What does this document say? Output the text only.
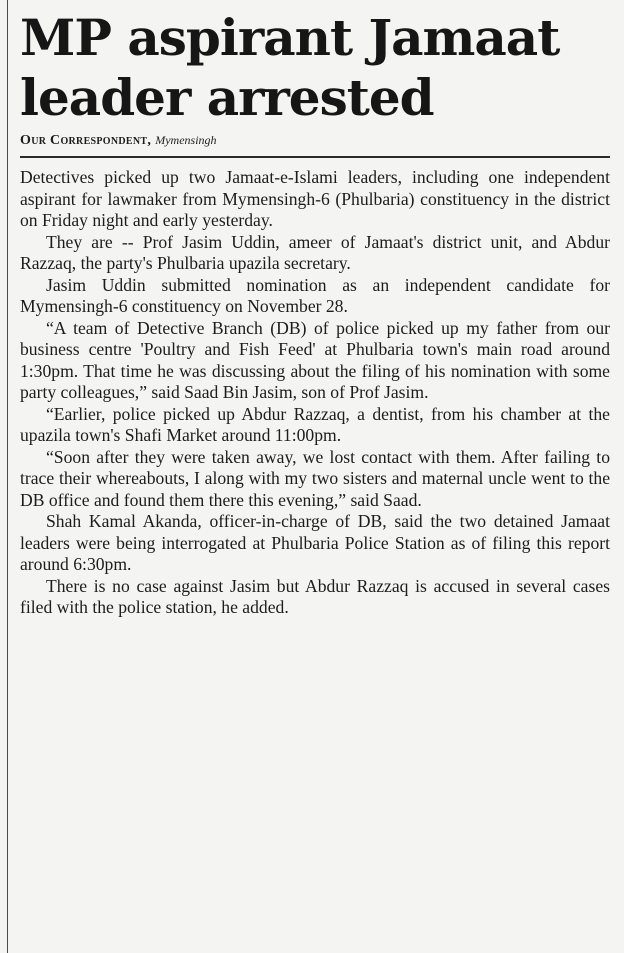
MP aspirant Jamaat leader arrested
Our Correspondent, Mymensingh

Detectives picked up two Jamaat-e-Islami leaders, including one independent aspirant for lawmaker from Mymensingh-6 (Phulbaria) constituency in the district on Friday night and early yesterday.

They are -- Prof Jasim Uddin, ameer of Jamaat's district unit, and Abdur Razzaq, the party's Phulbaria upazila secretary.

Jasim Uddin submitted nomination as an independent candidate for Mymensingh-6 constituency on November 28.

“A team of Detective Branch (DB) of police picked up my father from our business centre 'Poultry and Fish Feed' at Phulbaria town's main road around 1:30pm. That time he was discussing about the filing of his nomination with some party colleagues,” said Saad Bin Jasim, son of Prof Jasim.

“Earlier, police picked up Abdur Razzaq, a dentist, from his chamber at the upazila town's Shafi Market around 11:00pm.

“Soon after they were taken away, we lost contact with them. After failing to trace their whereabouts, I along with my two sisters and maternal uncle went to the DB office and found them there this evening,” said Saad.

Shah Kamal Akanda, officer-in-charge of DB, said the two detained Jamaat leaders were being interrogated at Phulbaria Police Station as of filing this report around 6:30pm.

There is no case against Jasim but Abdur Razzaq is accused in several cases filed with the police station, he added.
